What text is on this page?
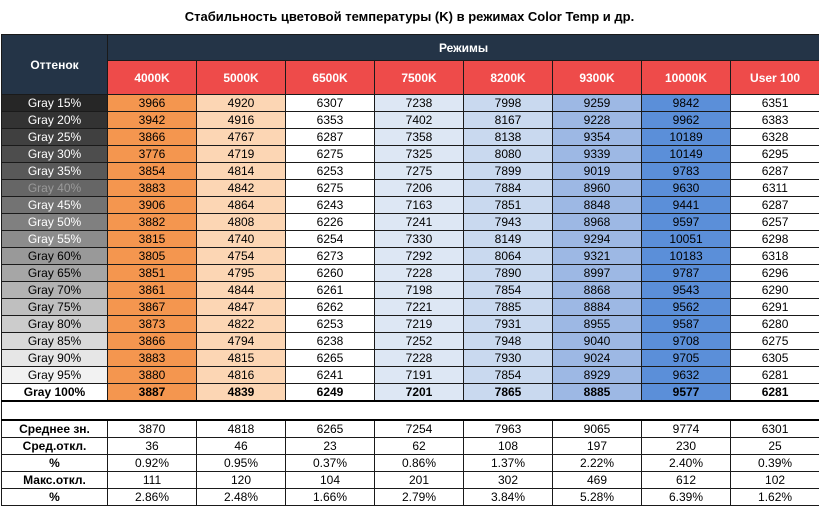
Стабильность цветовой температуры (K) в режимах Color Temp и др.
Оттенок	Режимы							
	4000K	5000K	6500K	7500K	8200K	9300K	10000K	User 100
Gray 15%	3966	4920	6307	7238	7998	9259	9842	6351
Gray 20%	3942	4916	6353	7402	8167	9228	9962	6383
Gray 25%	3866	4767	6287	7358	8138	9354	10189	6328
Gray 30%	3776	4719	6275	7325	8080	9339	10149	6295
Gray 35%	3854	4814	6253	7275	7899	9019	9783	6287
Gray 40%	3883	4842	6275	7206	7884	8960	9630	6311
Gray 45%	3906	4864	6243	7163	7851	8848	9441	6287
Gray 50%	3882	4808	6226	7241	7943	8968	9597	6257
Gray 55%	3815	4740	6254	7330	8149	9294	10051	6298
Gray 60%	3805	4754	6273	7292	8064	9321	10183	6318
Gray 65%	3851	4795	6260	7228	7890	8997	9787	6296
Gray 70%	3861	4844	6261	7198	7854	8868	9543	6290
Gray 75%	3867	4847	6262	7221	7885	8884	9562	6291
Gray 80%	3873	4822	6253	7219	7931	8955	9587	6280
Gray 85%	3866	4794	6238	7252	7948	9040	9708	6275
Gray 90%	3883	4815	6265	7228	7930	9024	9705	6305
Gray 95%	3880	4816	6241	7191	7854	8929	9632	6281
Gray 100%	3887	4839	6249	7201	7865	8885	9577	6281

Среднее зн.	3870	4818	6265	7254	7963	9065	9774	6301
Сред.откл.	36	46	23	62	108	197	230	25
%	0.92%	0.95%	0.37%	0.86%	1.37%	2.22%	2.40%	0.39%
Макс.откл.	111	120	104	201	302	469	612	102
%	2.86%	2.48%	1.66%	2.79%	3.84%	5.28%	6.39%	1.62%
